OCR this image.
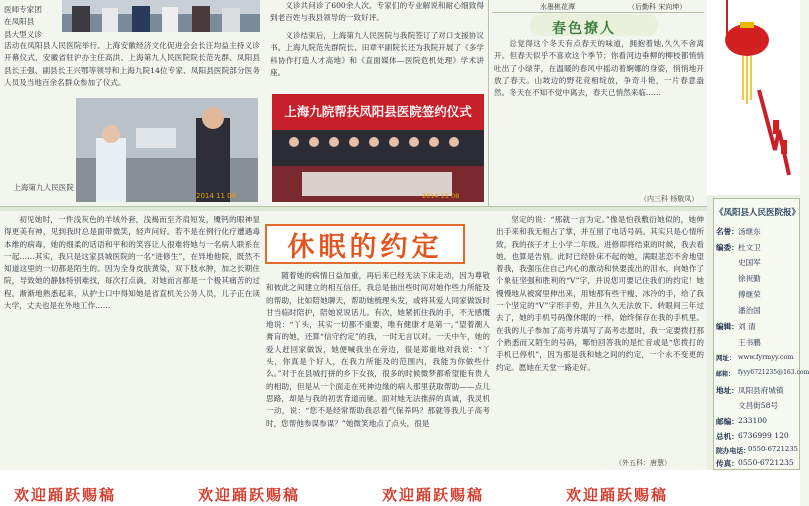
医师专家团
在凤阳县
县大型义诊
活动在凤阳县人民医院举行。上海安徽经济文化促进会会长汪均益主持义诊开幕仪式，安徽省驻沪办主任高洪、上海第九人民医院院长范先群、凤阳县县长王强、副县长王兴鄂等领导和上海九院14位专家、凤阳县医院部分医务人员及当地百余名群众参加了仪式。
2014 11 08
上海第九人民医院

义诊共问诊了600余人次。专家们的专业解说和耐心细致得到老百姓与我县领导的一致好评。

义诊结束后，上海第九人民医院与我院签订了对口支援协议书。上海九院范先群院长、田章平副院长还为我院开展了《多学科协作打造人才高地》和《直面媒体—医院危机处理》学术讲座。

上海九院帮扶凤阳县医院签约仪式
2014 11 08
水墨桃花潭	（后勤科 宋向坤）
春色撩人

总觉得这个冬天有点春天的味道，拥抱着她,久久不舍离开。但春天似乎不喜欢这个季节；你看河边垂柳的柳枝都悄悄吐出了小绿芽，在温暖的春风中摇动着婀娜的身姿，悄悄地开放了春天。山坡边的野花竞相绽放，争奇斗艳，一片春意盎然。冬天在不知不觉中离去，春天已悄然来临……

（内三科 杨敬凤）

初见她时，一件浅灰色的羊绒外套，浅褐而至齐肩短发，魇钙的眼神显得更美有神，见到我时总是面带微笑，轻声问好。若不是在例行化疗遭遇毒本维的病毒，她的细柔的话语和平和的笑容让人很难将她与一名病人联系在一起……其实，我只是这家县城医院的一名“进修生”，在异地他院，既然不知道这里的一切都是陌生的。因为全身皮肤黄染，双下肢水肿，加之长期住院，导致她的静脉特别难找，每次打点滴，对她而言都是一个极其痛苦的过程。渐渐地熟悉起来，从护士口中得知她是省直机关公务人员，儿子正在读大学，丈夫也是在外地工作……

休眠的约定

随着她的病情日益加重，再后来已经无法下床走动，因为尊敬和彼此之间建立的相互信任，我总是抽出些时间对她作些力所能及的帮助，比如陪她聊天，帮助她梳理头发，或将其爱人同家做饭时甘当临时陪护，陪她说说话儿。有次，她紧抓住我的手，不无感慨地说：“丫头，其实一切都不重要，唯有健康才是第一。”望着潮人膏肓的她，还算“信守约定”的我，一时无言以对。一天中午，她的爱人赶回家做饭，她便喊我坐在旁边，很是郑重地对我说：“丫头，你真是个好人，在我力所能及的范围内，我能为你做些什么。”对于在县城打拼的乡下女孩，很多的时候微梦都希望能有贵人的相助，但是从一个面走在死神边缘的病人那里获取帮助——点儿思路，却是与我的初衷背道而驰。面对她无法推辞的真诚，我灵机一动，说：“您不是经常帮助我忍着气保养吗？那就等我儿子高考时，您帮他参谋参谋？”她微笑地点了点头，很是

坚定的说：“那就一言为定。”像是怕我敷衍她似的，她伸出手来和我无相占了掌，并互留了电话号码。其实只是心情所致，我的孩子才上小学二年级。进修即将结束的时候，我去看她。也算是告别。此时已经卧床不起的她，满眼悲恋不舍地望着我，我强压住自己内心的激动和快要流出的泪水，向她作了个象征坚强和胜利的“V”字，并说您可要记住我们的约定！她慢慢地从被窝里伸出来，用她那有些干瘦、冰冷的手，给了我一个坚定的“V”字形手势，并且久久无法放下。转眼间三年过去了，她的手机号码像休眠的一样，始终保存在我的手机里。在我的儿子参加了高考并填写了高考志愿时，我一定要拨打那个熟悉而又陌生的号码，哪怕回答我的是忙音或是“您拨打的手机已停机”，因为那是我和她之间的约定，一个永不变更的约定。愿她在天堂一路走好。

（外五科：唐慧）
《凤阳县人民医院报》
名誉： 汤继东
编委： 杜文卫
史国军
徐祝勤
傅继荣
潘治国
编辑： 刘 清
王书鹏
网址： www.fyrmyy.com
邮箱： fyyy6721235@163.com
地址： 凤阳县府城镇
文昌街58号
邮编： 233100
总机： 6736999 120
院办电话：
0550-6721235
传真： 0550-6721235
欢迎踊跃赐稿	欢迎踊跃赐稿	欢迎踊跃赐稿	欢迎踊跃赐稿
